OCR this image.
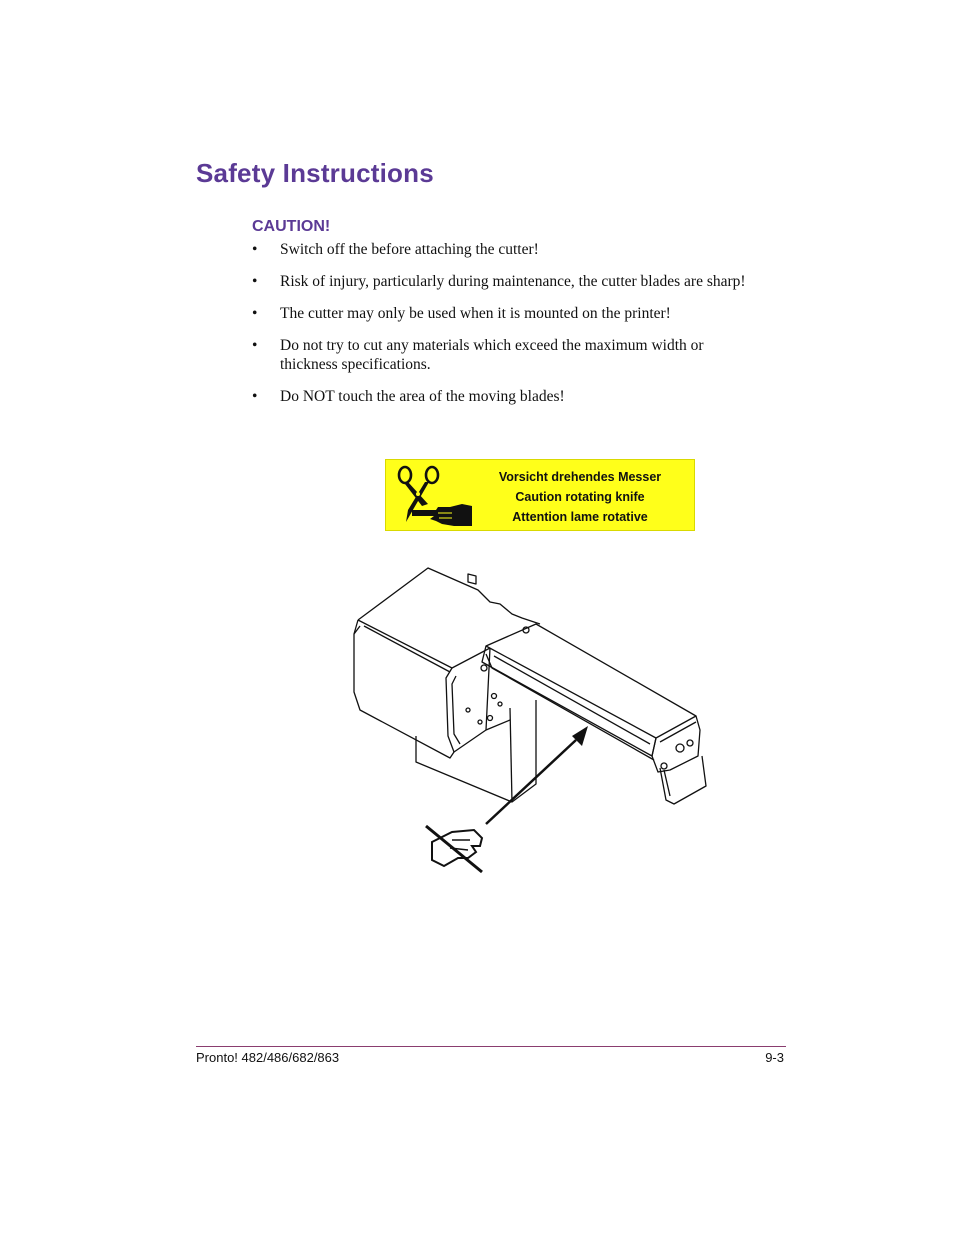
Safety Instructions
CAUTION!
• Switch off the before attaching the cutter!
• Risk of injury, particularly during maintenance, the cutter blades are sharp!
• The cutter may only be used when it is mounted on the printer!
• Do not try to cut any materials which exceed the maximum width or thickness specifications.
• Do NOT touch the area of the moving blades!
Vorsicht drehendes Messer
Caution rotating knife
Attention lame rotative
Pronto! 482/486/682/863	9-3
